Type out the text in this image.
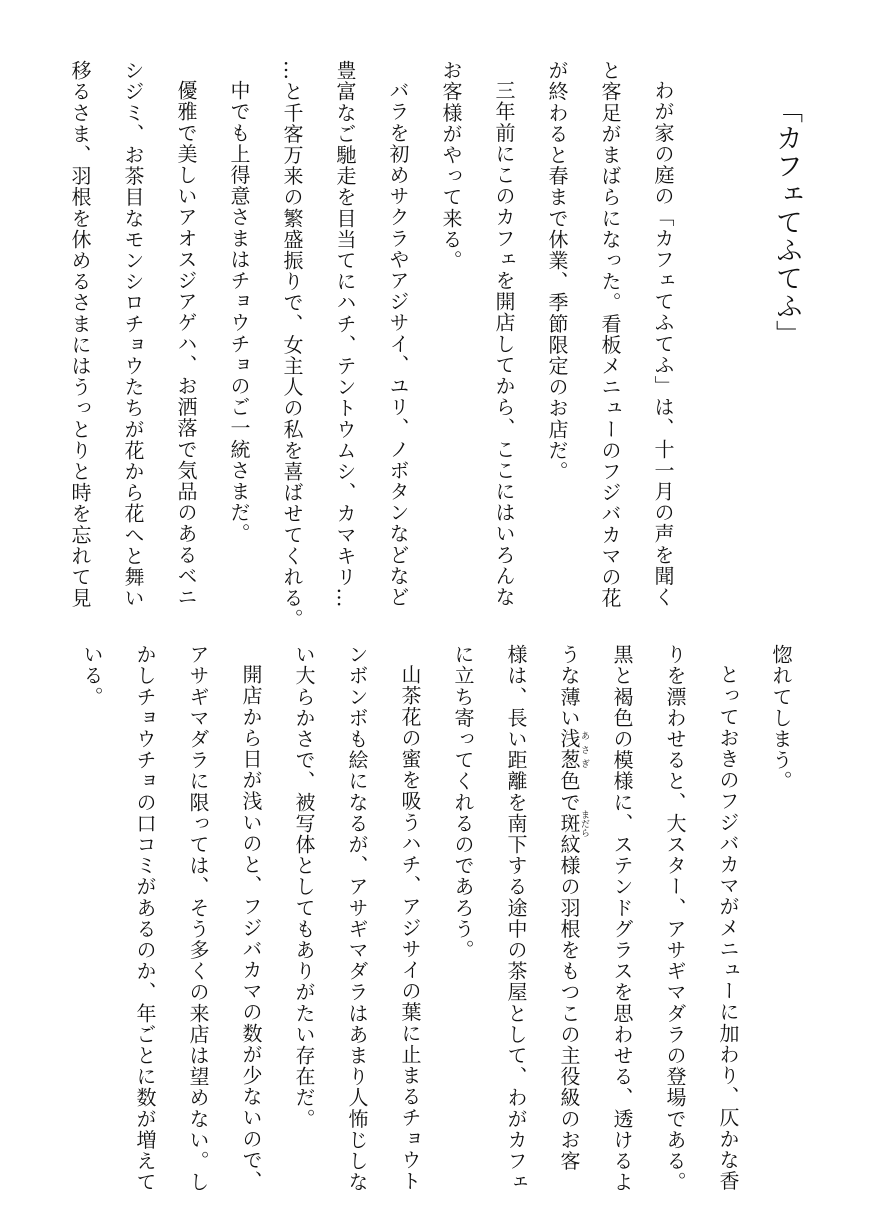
「カフェてふてふ」
わが家の庭の「カフェてふてふ」は、十一月の声を聞く
と客足がまばらになった。看板メニューのフジバカマの花
が終わると春まで休業、季節限定のお店だ。
三年前にこのカフェを開店してから、ここにはいろんな
お客様がやって来る。
バラを初めサクラやアジサイ、ユリ、ノボタンなどなど
豊富なご馳走を目当てにハチ、テントウムシ、カマキリ…
…と千客万来の繁盛振りで、女主人の私を喜ばせてくれる。
中でも上得意さまはチョウチョのご一統さまだ。
優雅で美しいアオスジアゲハ、お洒落で気品のあるベニ
シジミ、お茶目なモンシロチョウたちが花から花へと舞い
移るさま、羽根を休めるさまにはうっとりと時を忘れて見
惚れてしまう。
とっておきのフジバカマがメニューに加わり、仄かな香
りを漂わせると、大スター、アサギマダラの登場である。
黒と褐色の模様に、ステンドグラスを思わせる、透けるよ
うな薄い浅葱あさぎ色で斑まだら紋様の羽根をもつこの主役級のお客
様は、長い距離を南下する途中の茶屋として、わがカフェ
に立ち寄ってくれるのであろう。
山茶花の蜜を吸うハチ、アジサイの葉に止まるチョウト
ンボンボも絵になるが、アサギマダラはあまり人怖じしな
い大らかさで、被写体としてもありがたい存在だ。
開店から日が浅いのと、フジバカマの数が少ないので、
アサギマダラに限っては、そう多くの来店は望めない。し
かしチョウチョの口コミがあるのか、年ごとに数が増えて
いる。
